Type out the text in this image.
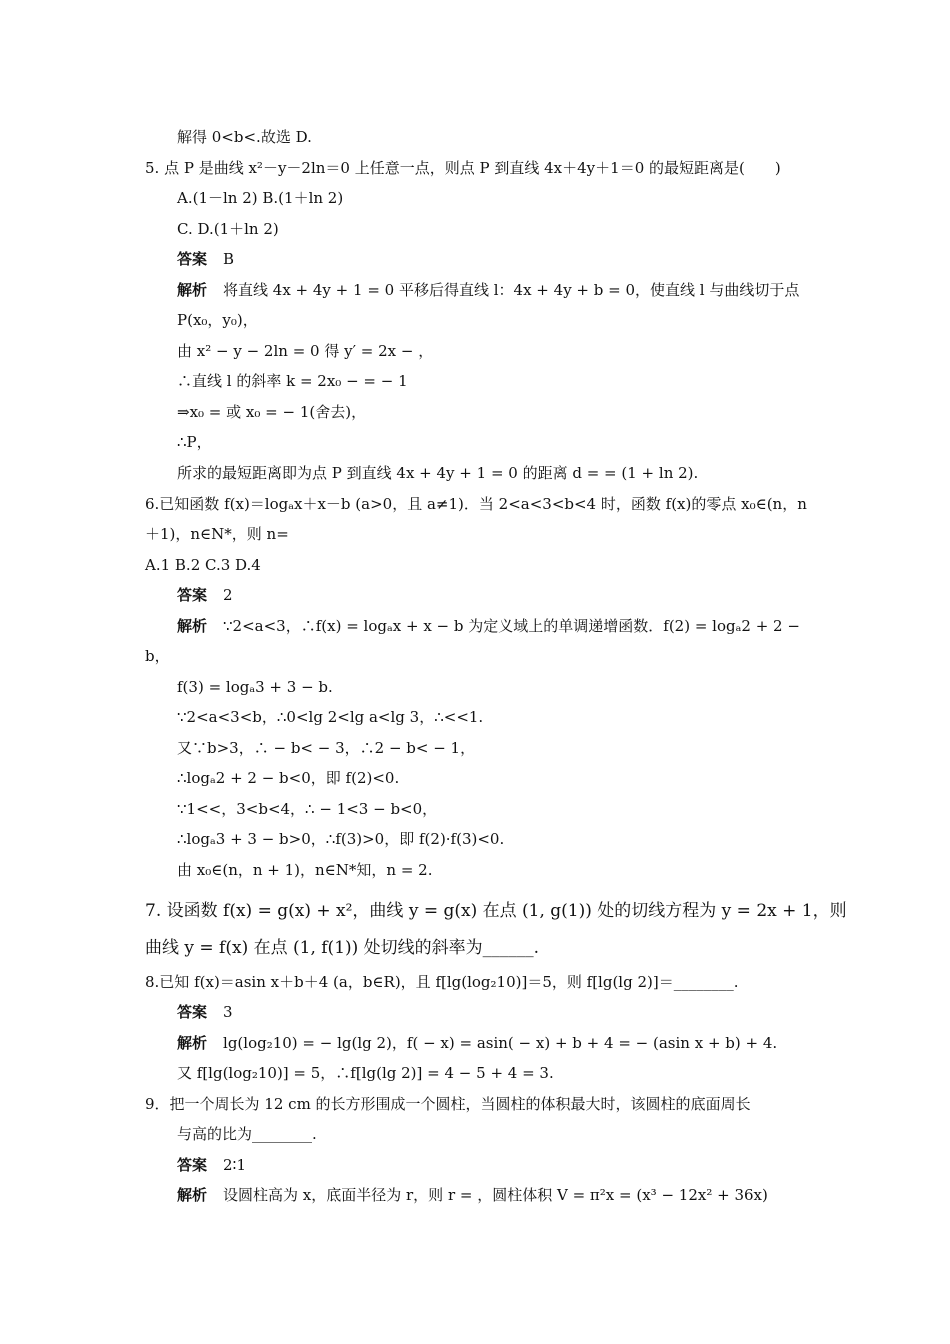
解得 0<b<.故选 D.
5. 点 P 是曲线 x²－y－2ln＝0 上任意一点，则点 P 到直线 4x＋4y＋1＝0 的最短距离是(　　)
A.(1－ln 2) B.(1＋ln 2)
C. D.(1＋ln 2)
答案 B
解析 将直线 4x + 4y + 1 = 0 平移后得直线 l：4x + 4y + b = 0，使直线 l 与曲线切于点
P(x₀，y₀)，
由 x² − y − 2ln = 0 得 y′ = 2x − ，
∴直线 l 的斜率 k = 2x₀ − = − 1
⇒x₀ = 或 x₀ = − 1(舍去)，
∴P，
所求的最短距离即为点 P 到直线 4x + 4y + 1 = 0 的距离 d = = (1 + ln 2).
6.已知函数 f(x)＝logₐx＋x－b (a>0，且 a≠1)．当 2<a<3<b<4 时，函数 f(x)的零点 x₀∈(n，n
＋1)，n∈N*，则 n=
A.1 B.2 C.3 D.4
答案 2
解析 ∵2<a<3，∴f(x) = logₐx + x − b 为定义域上的单调递增函数．f(2) = logₐ2 + 2 −
b，
f(3) = logₐ3 + 3 − b.
∵2<a<3<b，∴0<lg 2<lg a<lg 3，∴<<1.
又∵b>3，∴ − b< − 3，∴2 − b< − 1，
∴logₐ2 + 2 − b<0，即 f(2)<0.
∵1<<，3<b<4，∴ − 1<3 − b<0，
∴logₐ3 + 3 − b>0，∴f(3)>0，即 f(2)·f(3)<0.
由 x₀∈(n，n + 1)，n∈N*知，n = 2.
7. 设函数 f(x) = g(x) + x²，曲线 y = g(x) 在点 (1, g(1)) 处的切线方程为 y = 2x + 1，则
曲线 y = f(x) 在点 (1, f(1)) 处切线的斜率为______.
8.已知 f(x)＝asin x＋b＋4 (a，b∈R)，且 f[lg(log₂10)]＝5，则 f[lg(lg 2)]＝________.
答案 3
解析 lg(log₂10) = − lg(lg 2)，f( − x) = asin( − x) + b + 4 = − (asin x + b) + 4.
又 f[lg(log₂10)] = 5，∴f[lg(lg 2)] = 4 − 5 + 4 = 3.
9．把一个周长为 12 cm 的长方形围成一个圆柱，当圆柱的体积最大时，该圆柱的底面周长
与高的比为________.
答案 2∶1
解析 设圆柱高为 x，底面半径为 r，则 r = ，圆柱体积 V = π²x = (x³ − 12x² + 36x)
